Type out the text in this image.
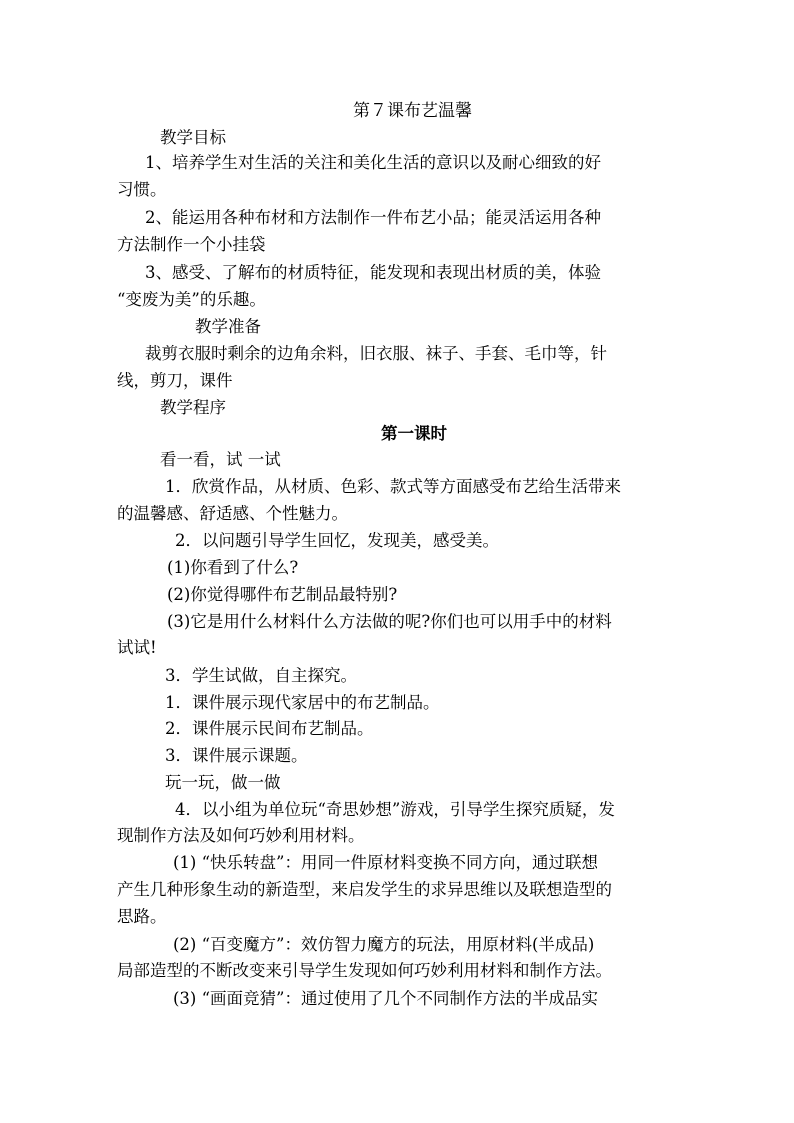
第７课布艺温馨
教学目标
1、培养学生对生活的关注和美化生活的意识以及耐心细致的好
习惯。
2、能运用各种布材和方法制作一件布艺小品；能灵活运用各种
方法制作一个小挂袋
3、感受、了解布的材质特征，能发现和表现出材质的美，体验
“变废为美”的乐趣。
教学准备
裁剪衣服时剩余的边角余料，旧衣服、袜子、手套、毛巾等，针
线，剪刀，课件
教学程序
第一课时
看一看，试 一试
1．欣赏作品，从材质、色彩、款式等方面感受布艺给生活带来
的温馨感、舒适感、个性魅力。
2．以问题引导学生回忆，发现美，感受美。
(1)你看到了什么?
(2)你觉得哪件布艺制品最特别?
(3)它是用什么材料什么方法做的呢?你们也可以用手中的材料
试试!
3．学生试做，自主探究。
1．课件展示现代家居中的布艺制品。
2．课件展示民间布艺制品。
3．课件展示课题。
玩一玩，做一做
4．以小组为单位玩“奇思妙想”游戏，引导学生探究质疑，发
现制作方法及如何巧妙利用材料。
(1) “快乐转盘”：用同一件原材料变换不同方向，通过联想
产生几种形象生动的新造型，来启发学生的求异思维以及联想造型的
思路。
(2) “百变魔方”：效仿智力魔方的玩法，用原材料(半成品)
局部造型的不断改变来引导学生发现如何巧妙利用材料和制作方法。
(3) “画面竞猜”：通过使用了几个不同制作方法的半成品实
